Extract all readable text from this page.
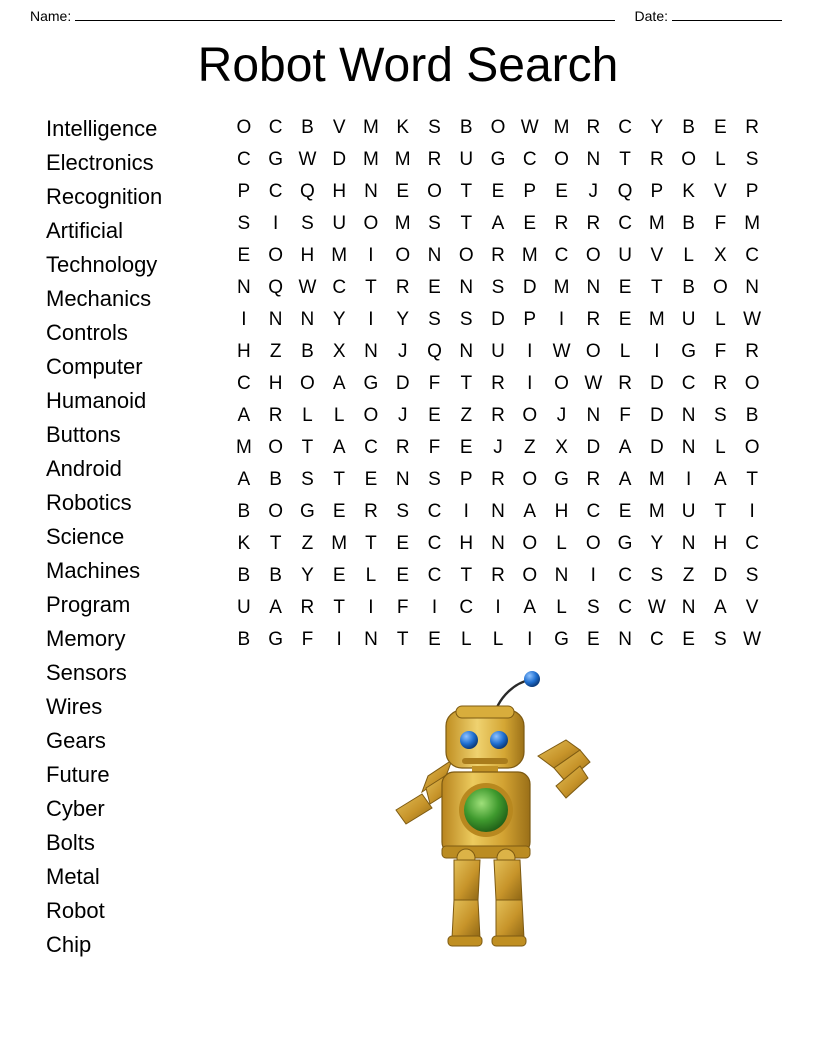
Name:	Date:
Robot Word Search
Intelligence
Electronics
Recognition
Artificial
Technology
Mechanics
Controls
Computer
Humanoid
Buttons
Android
Robotics
Science
Machines
Program
Memory
Sensors
Wires
Gears
Future
Cyber
Bolts
Metal
Robot
Chip
O C B	V M K	S	B O W M R C Y	B	E R
C G W D M M R U G C O N	T	R O	L	S
P C Q H N E O T	E	P	E	J	Q P	K	V	P
S	I	S U O M S	T	A	E R R C M B	F M
E O H M	I	O N O R M C O U V	L	X C
N Q W C	T	R E N S D M N E	T	B O N
I	N N Y	I	Y	S	S D P	I	R E M U	L W
H	Z	B	X N	J	Q N U	I	W O	L	I	G F	R
C H O A G D	F	T	R	I	O W R D C R O
A R	L	L	O	J	E	Z	R O	J	N	F	D N S	B
M O T	A C R	F	E	J	Z	X D A D N	L	O
A	B	S	T	E N S	P R O G R A M	I	A	T
B O G E R S C	I	N A H C E M U	T	I
K	T	Z M T	E C H N O	L	O G Y N H C
B	B	Y	E	L	E C	T	R O N	I	C S	Z	D S
U A R	T	I	F	I	C	I	A	L	S C W N A	V
B G F	I	N	T	E	L	L	I	G E N C E	S W
